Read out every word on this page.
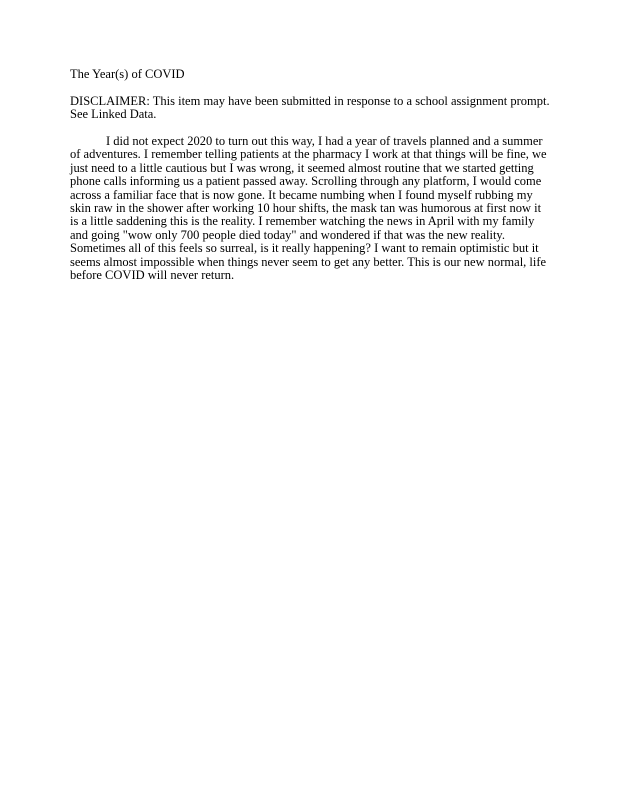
The Year(s) of COVID

DISCLAIMER: This item may have been submitted in response to a school assignment prompt. See Linked Data.

I did not expect 2020 to turn out this way, I had a year of travels planned and a summer of adventures. I remember telling patients at the pharmacy I work at that things will be fine, we just need to a little cautious but I was wrong, it seemed almost routine that we started getting phone calls informing us a patient passed away. Scrolling through any platform, I would come across a familiar face that is now gone. It became numbing when I found myself rubbing my skin raw in the shower after working 10 hour shifts, the mask tan was humorous at first now it is a little saddening this is the reality. I remember watching the news in April with my family and going "wow only 700 people died today" and wondered if that was the new reality. Sometimes all of this feels so surreal, is it really happening? I want to remain optimistic but it seems almost impossible when things never seem to get any better. This is our new normal, life before COVID will never return.
